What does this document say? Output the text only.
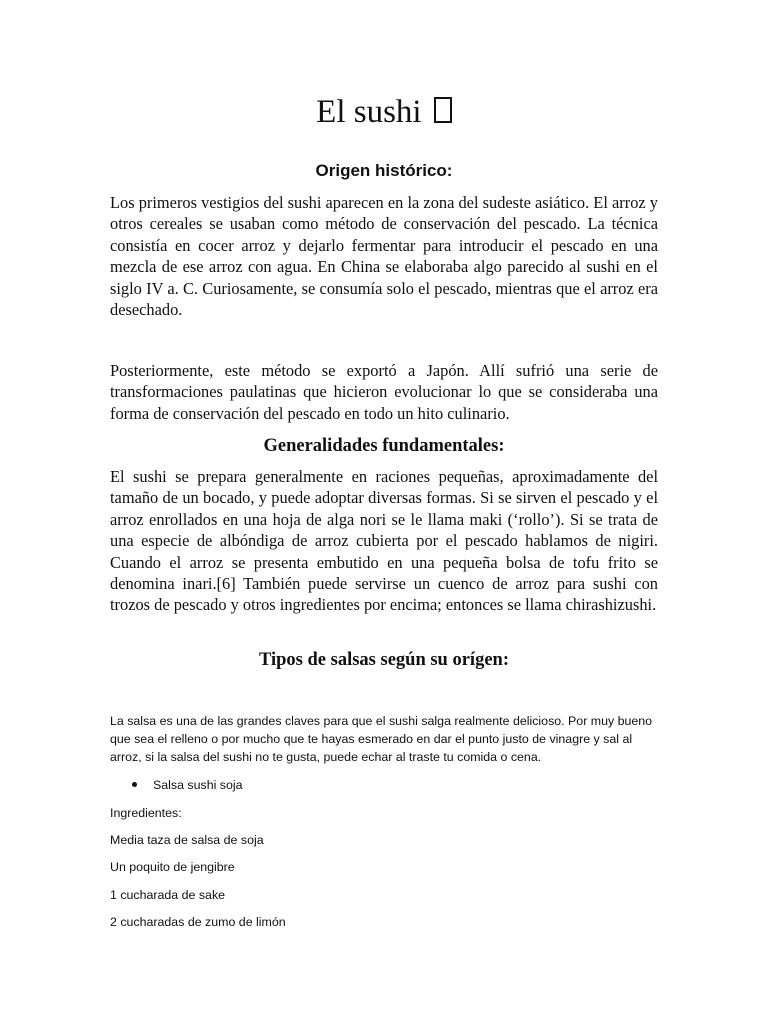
El sushi
Origen histórico:

Los primeros vestigios del sushi aparecen en la zona del sudeste asiático. El arroz y otros cereales se usaban como método de conservación del pescado. La técnica consistía en cocer arroz y dejarlo fermentar para introducir el pescado en una mezcla de ese arroz con agua. En China se elaboraba algo parecido al sushi en el siglo IV a. C. Curiosamente, se consumía solo el pescado, mientras que el arroz era desechado.

Posteriormente, este método se exportó a Japón. Allí sufrió una serie de transformaciones paulatinas que hicieron evolucionar lo que se consideraba una forma de conservación del pescado en todo un hito culinario.

Generalidades fundamentales:

El sushi se prepara generalmente en raciones pequeñas, aproximadamente del tamaño de un bocado, y puede adoptar diversas formas. Si se sirven el pescado y el arroz enrollados en una hoja de alga nori se le llama maki (‘rollo’). Si se trata de una especie de albóndiga de arroz cubierta por el pescado hablamos de nigiri. Cuando el arroz se presenta embutido en una pequeña bolsa de tofu frito se denomina inari.[6] También puede servirse un cuenco de arroz para sushi con trozos de pescado y otros ingredientes por encima; entonces se llama chirashizushi.

Tipos de salsas según su orígen:

La salsa es una de las grandes claves para que el sushi salga realmente delicioso. Por muy bueno que sea el relleno o por mucho que te hayas esmerado en dar el punto justo de vinagre y sal al arroz, si la salsa del sushi no te gusta, puede echar al traste tu comida o cena.

Salsa sushi soja
Ingredientes:
Media taza de salsa de soja
Un poquito de jengibre
1 cucharada de sake
2 cucharadas de zumo de limón
